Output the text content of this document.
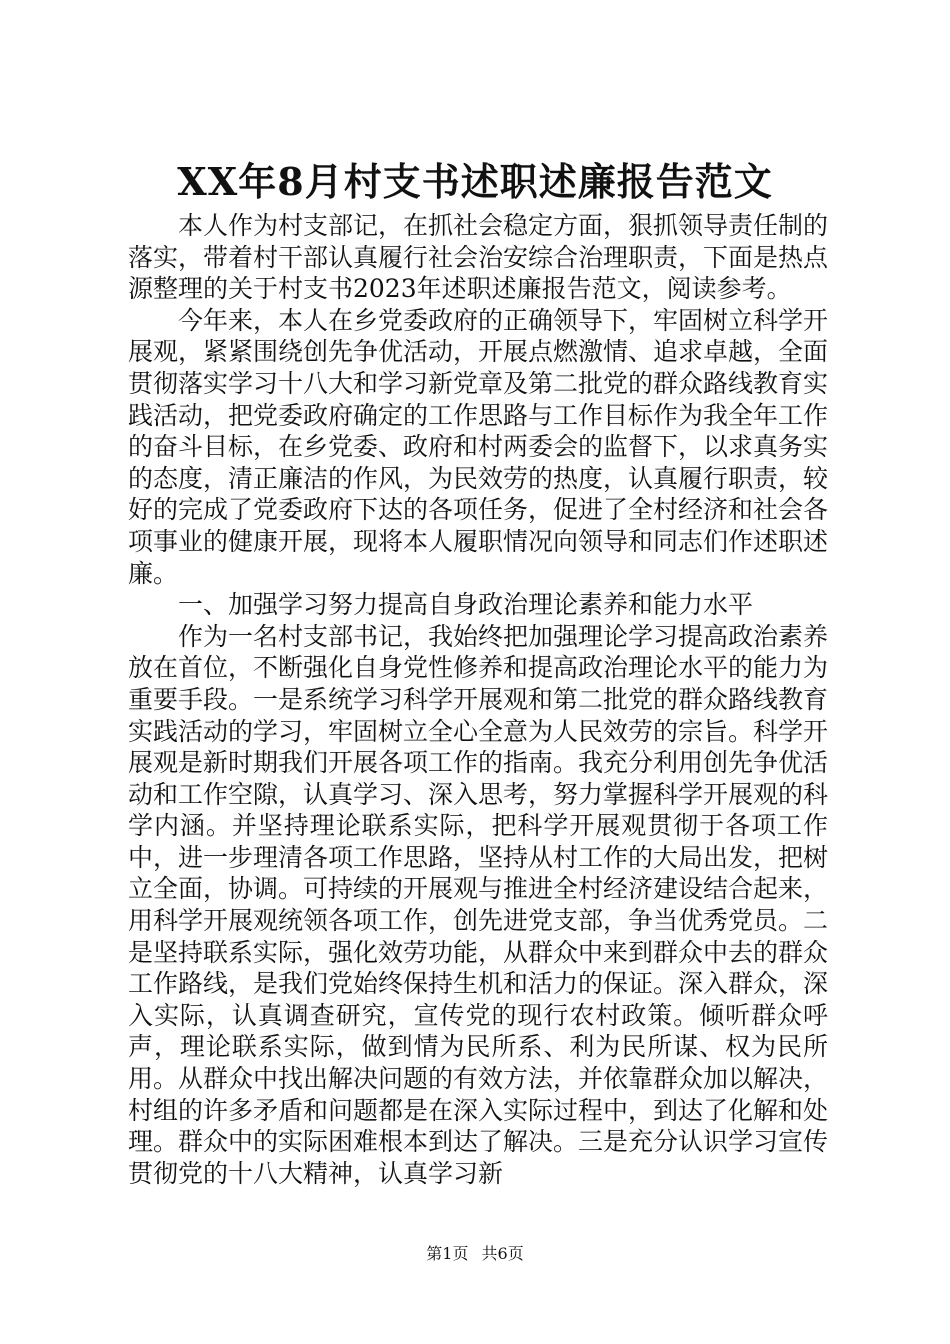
XX年8月村支书述职述廉报告范文

本人作为村支部记，在抓社会稳定方面，狠抓领导责任制的落实，带着村干部认真履行社会治安综合治理职责，下面是热点源整理的关于村支书2023年述职述廉报告范文，阅读参考。

今年来，本人在乡党委政府的正确领导下，牢固树立科学开展观，紧紧围绕创先争优活动，开展点燃激情、追求卓越，全面贯彻落实学习十八大和学习新党章及第二批党的群众路线教育实践活动，把党委政府确定的工作思路与工作目标作为我全年工作的奋斗目标，在乡党委、政府和村两委会的监督下，以求真务实的态度，清正廉洁的作风，为民效劳的热度，认真履行职责，较好的完成了党委政府下达的各项任务，促进了全村经济和社会各项事业的健康开展，现将本人履职情况向领导和同志们作述职述廉。

一、加强学习努力提高自身政治理论素养和能力水平

作为一名村支部书记，我始终把加强理论学习提高政治素养放在首位，不断强化自身党性修养和提高政治理论水平的能力为重要手段。一是系统学习科学开展观和第二批党的群众路线教育实践活动的学习，牢固树立全心全意为人民效劳的宗旨。科学开展观是新时期我们开展各项工作的指南。我充分利用创先争优活动和工作空隙，认真学习、深入思考，努力掌握科学开展观的科学内涵。并坚持理论联系实际，把科学开展观贯彻于各项工作中，进一步理清各项工作思路，坚持从村工作的大局出发，把树立全面，协调。可持续的开展观与推进全村经济建设结合起来，用科学开展观统领各项工作，创先进党支部，争当优秀党员。二是坚持联系实际，强化效劳功能，从群众中来到群众中去的群众工作路线，是我们党始终保持生机和活力的保证。深入群众，深入实际，认真调查研究，宣传党的现行农村政策。倾听群众呼声，理论联系实际，做到情为民所系、利为民所谋、权为民所用。从群众中找出解决问题的有效方法，并依靠群众加以解决，村组的许多矛盾和问题都是在深入实际过程中，到达了化解和处理。群众中的实际困难根本到达了解决。三是充分认识学习宣传贯彻党的十八大精神，认真学习新

第1页 共6页
